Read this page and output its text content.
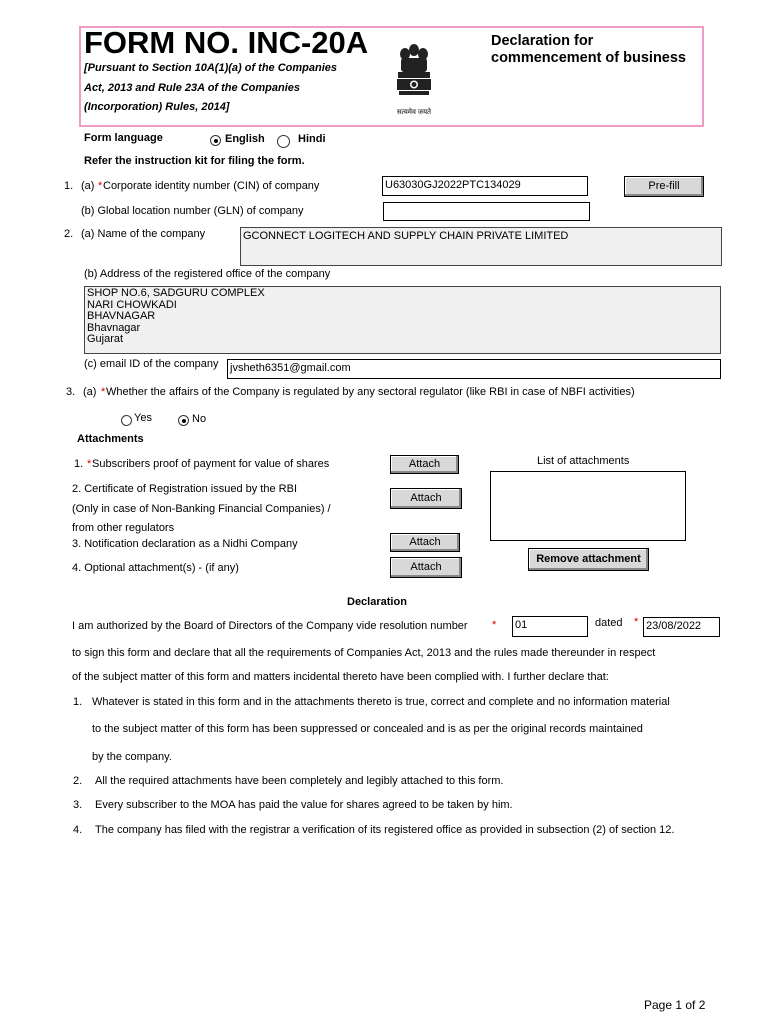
FORM NO. INC-20A
[Pursuant to Section 10A(1)(a) of the Companies
Act, 2013 and Rule 23A of the Companies
(Incorporation) Rules, 2014]	सत्यमेव जयते
Declaration for
commencement of business
Form language	English	Hindi
Refer the instruction kit for filing the form.
1. (a) * Corporate identity number (CIN) of company	U63030GJ2022PTC134029	Pre-fill
(b) Global location number (GLN) of company
2. (a) Name of the company	GCONNECT LOGITECH AND SUPPLY CHAIN PRIVATE LIMITED
(b) Address of the registered office of the company
SHOP NO.6, SADGURU COMPLEX
NARI CHOWKADI
BHAVNAGAR
Bhavnagar
Gujarat
(c) email ID of the company jvsheth6351@gmail.com
3. (a) * Whether the affairs of the Company is regulated by any sectoral regulator (like RBI in case of NBFI activities)
Yes	No
Attachments
1. * Subscribers proof of payment for value of shares	Attach
2. Certificate of Registration issued by the RBI
(Only in case of Non-Banking Financial Companies) /
from other regulators
Attach
3. Notification declaration as a Nidhi Company	Attach
4. Optional attachment(s) - (if any)	Attach
List of attachments
Remove attachment
Declaration
I am authorized by the Board of Directors of the Company vide resolution number * 01	dated * 23/08/2022
to sign this form and declare that all the requirements of Companies Act, 2013 and the rules made thereunder in respect
of the subject matter of this form and matters incidental thereto have been complied with. I further declare that:
1. Whatever is stated in this form and in the attachments thereto is true, correct and complete and no information material
to the subject matter of this form has been suppressed or concealed and is as per the original records maintained
by the company.
2. All the required attachments have been completely and legibly attached to this form.
3. Every subscriber to the MOA has paid the value for shares agreed to be taken by him.
4. The company has filed with the registrar a verification of its registered office as provided in subsection (2) of section 12.
Page 1 of 2
